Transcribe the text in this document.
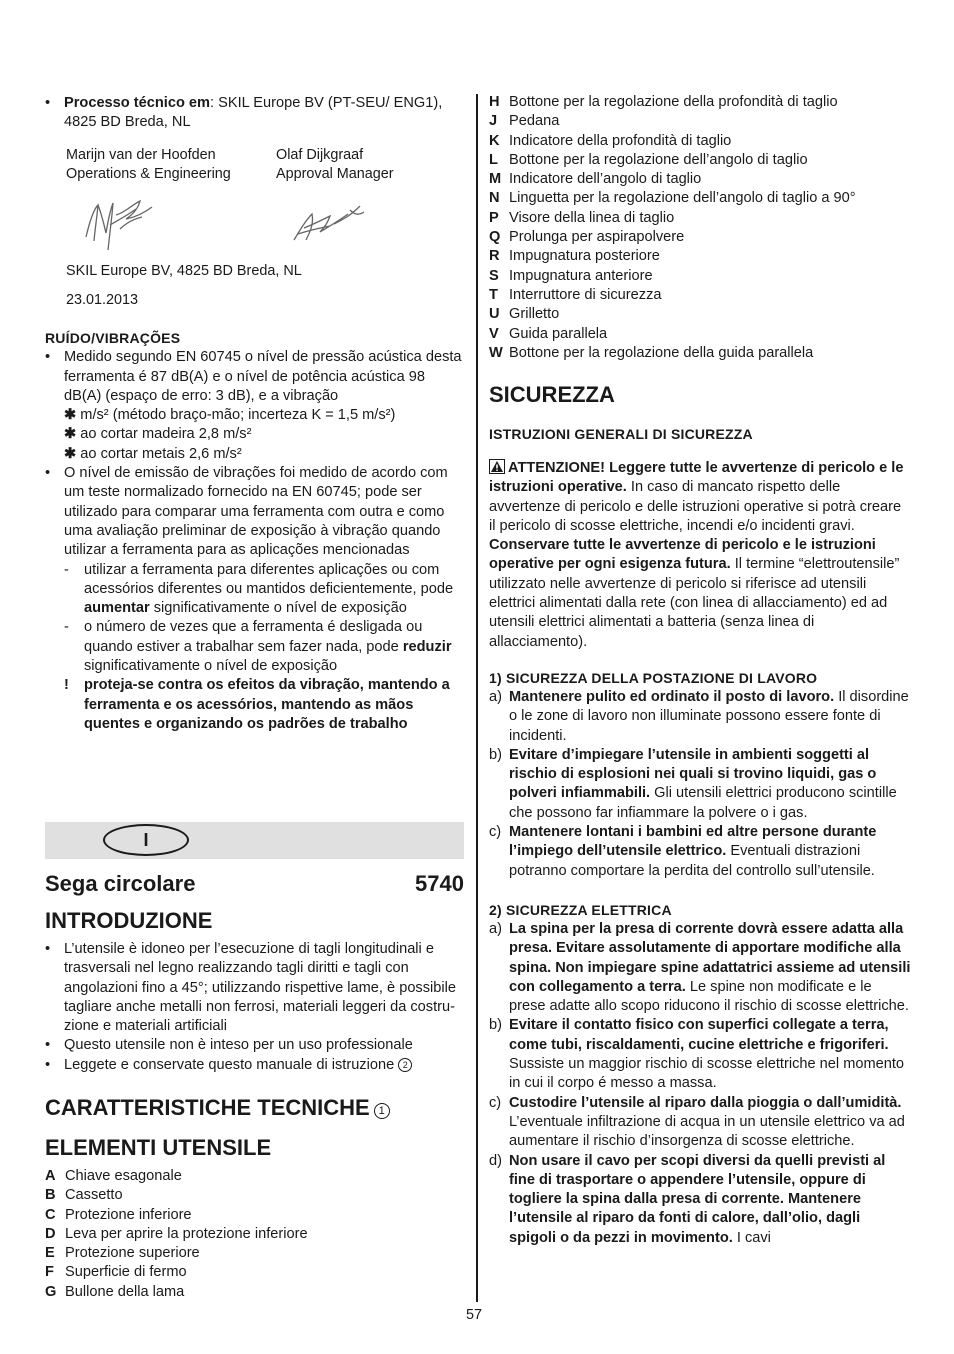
• Processo técnico em: SKIL Europe BV (PT-SEU/ ENG1), 4825 BD Breda, NL

Marijn van der Hoofden	Olaf Dijkgraaf
Operations & Engineering	Approval Manager
SKIL Europe BV, 4825 BD Breda, NL
23.01.2013

RUÍDO/VIBRAÇÕES

• Medido segundo EN 60745 o nível de pressão acústica desta ferramenta é 87 dB(A) e o nível de potência acústica 98 dB(A) (espaço de erro: 3 dB), e a vibração

✱ m/s² (método braço-mão; incerteza K = 1,5 m/s²)

✱ ao cortar madeira 2,8 m/s²

✱ ao cortar metais 2,6 m/s²

• O nível de emissão de vibrações foi medido de acordo com um teste normalizado fornecido na EN 60745; pode ser utilizado para comparar uma ferramenta com outra e como uma avaliação preliminar de exposição à vibração quando utilizar a ferramenta para as aplicações mencionadas

- utilizar a ferramenta para diferentes aplicações ou com acessórios diferentes ou mantidos deficientemente, pode aumentar significativamente o nível de exposição

- o número de vezes que a ferramenta é desligada ou quando estiver a trabalhar sem fazer nada, pode reduzir significativamente o nível de exposição

! proteja-se contra os efeitos da vibração, mantendo a ferramenta e os acessórios, mantendo as mãos quentes e organizando os padrões de trabalho

I
Sega circolare	5740
INTRODUZIONE

• L’utensile è idoneo per l’esecuzione di tagli longitudinali e trasversali nel legno realizzando tagli diritti e tagli con angolazioni fino a 45°; utilizzando rispettive lame, è possibile tagliare anche metalli non ferrosi, materiali leggeri da costru-zione e materiali artificiali

• Questo utensile non è inteso per un uso professionale

• Leggete e conservate questo manuale di istruzione 2

CARATTERISTICHE TECNICHE 1
ELEMENTI UTENSILE
A Chiave esagonale
B Cassetto
C Protezione inferiore
D Leva per aprire la protezione inferiore
E Protezione superiore
F Superficie di fermo
G Bullone della lama
H Bottone per la regolazione della profondità di taglio
J Pedana
K Indicatore della profondità di taglio
L Bottone per la regolazione dell’angolo di taglio
M Indicatore dell’angolo di taglio
N Linguetta per la regolazione dell’angolo di taglio a 90°
P Visore della linea di taglio
Q Prolunga per aspirapolvere
R Impugnatura posteriore
S Impugnatura anteriore
T Interruttore di sicurezza
U Grilletto
V Guida parallela
W Bottone per la regolazione della guida parallela
SICUREZZA
ISTRUZIONI GENERALI DI SICUREZZA

ATTENZIONE! Leggere tutte le avvertenze di pericolo e le istruzioni operative. In caso di mancato rispetto delle avvertenze di pericolo e delle istruzioni operative si potrà creare il pericolo di scosse elettriche, incendi e/o incidenti gravi. Conservare tutte le avvertenze di pericolo e le istruzioni operative per ogni esigenza futura. Il termine “elettroutensile” utilizzato nelle avvertenze di pericolo si riferisce ad utensili elettrici alimentati dalla rete (con linea di allacciamento) ed ad utensili elettrici alimentati a batteria (senza linea di allacciamento).

1) SICUREZZA DELLA POSTAZIONE DI LAVORO

a) Mantenere pulito ed ordinato il posto di lavoro. Il disordine o le zone di lavoro non illuminate possono essere fonte di incidenti.

b) Evitare d’impiegare l’utensile in ambienti soggetti al rischio di esplosioni nei quali si trovino liquidi, gas o polveri infiammabili. Gli utensili elettrici producono scintille che possono far infiammare la polvere o i gas.

c) Mantenere lontani i bambini ed altre persone durante l’impiego dell’utensile elettrico. Eventuali distrazioni potranno comportare la perdita del controllo sull’utensile.

2) SICUREZZA ELETTRICA

a) La spina per la presa di corrente dovrà essere adatta alla presa. Evitare assolutamente di apportare modifiche alla spina. Non impiegare spine adattatrici assieme ad utensili con collegamento a terra. Le spine non modificate e le prese adatte allo scopo riducono il rischio di scosse elettriche.

b) Evitare il contatto fisico con superfici collegate a terra, come tubi, riscaldamenti, cucine elettriche e frigoriferi. Sussiste un maggior rischio di scosse elettriche nel momento in cui il corpo é messo a massa.

c) Custodire l’utensile al riparo dalla pioggia o dall’umidità. L’eventuale infiltrazione di acqua in un utensile elettrico va ad aumentare il rischio d’insorgenza di scosse elettriche.

d) Non usare il cavo per scopi diversi da quelli previsti al fine di trasportare o appendere l’utensile, oppure di togliere la spina dalla presa di corrente. Mantenere l’utensile al riparo da fonti di calore, dall’olio, dagli spigoli o da pezzi in movimento. I cavi

57
